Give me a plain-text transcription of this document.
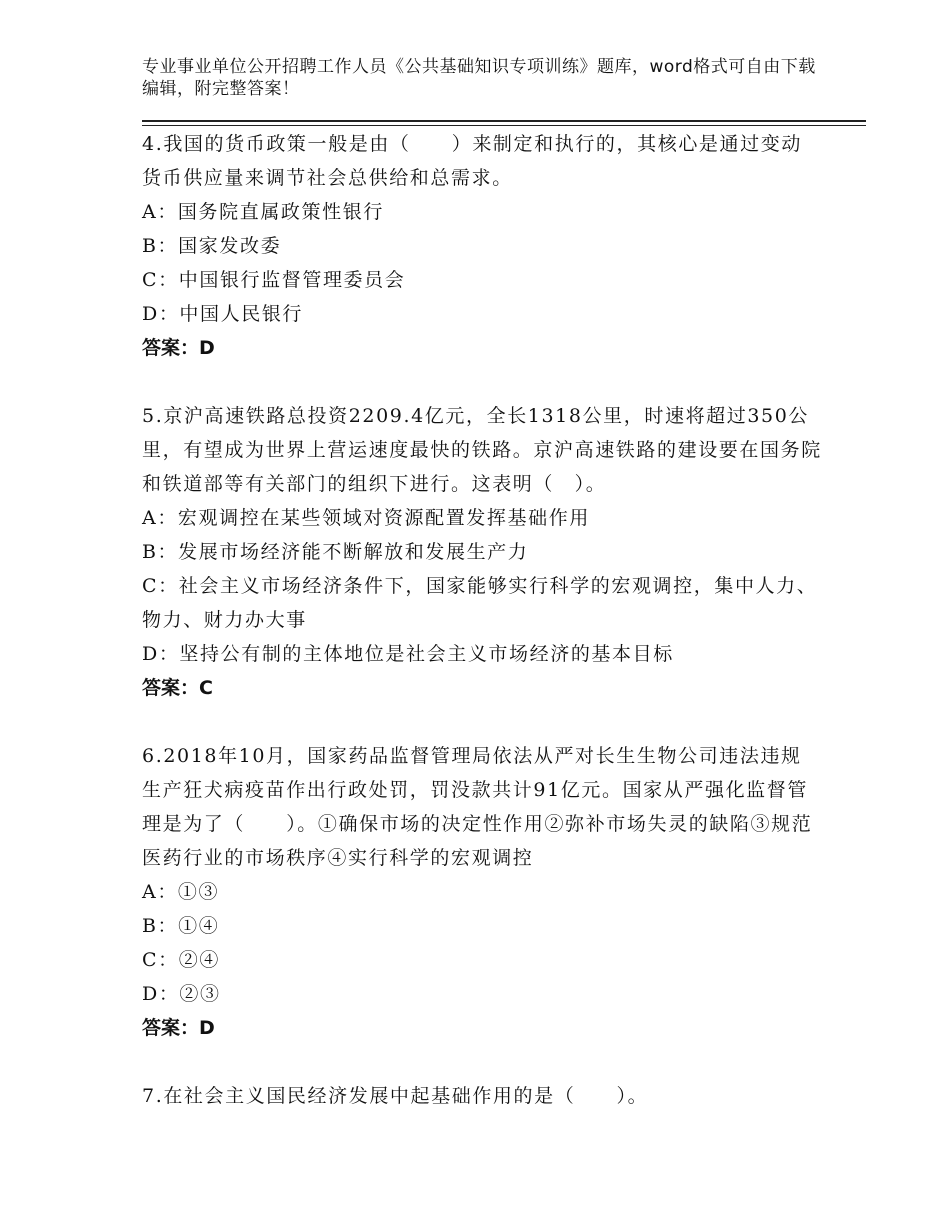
专业事业单位公开招聘工作人员《公共基础知识专项训练》题库，word格式可自由下载编辑，附完整答案！

4.我国的货币政策一般是由（　　）来制定和执行的，其核心是通过变动货币供应量来调节社会总供给和总需求。

A：国务院直属政策性银行

B：国家发改委

C：中国银行监督管理委员会

D：中国人民银行

答案：D

5.京沪高速铁路总投资2209.4亿元，全长1318公里，时速将超过350公里，有望成为世界上营运速度最快的铁路。京沪高速铁路的建设要在国务院和铁道部等有关部门的组织下进行。这表明（　）。

A：宏观调控在某些领域对资源配置发挥基础作用

B：发展市场经济能不断解放和发展生产力

C：社会主义市场经济条件下，国家能够实行科学的宏观调控，集中人力、物力、财力办大事

D：坚持公有制的主体地位是社会主义市场经济的基本目标

答案：C

6.2018年10月，国家药品监督管理局依法从严对长生生物公司违法违规生产狂犬病疫苗作出行政处罚，罚没款共计91亿元。国家从严强化监督管理是为了（　　）。①确保市场的决定性作用②弥补市场失灵的缺陷③规范医药行业的市场秩序④实行科学的宏观调控

A：①③

B：①④

C：②④

D：②③

答案：D

7.在社会主义国民经济发展中起基础作用的是（　　）。
